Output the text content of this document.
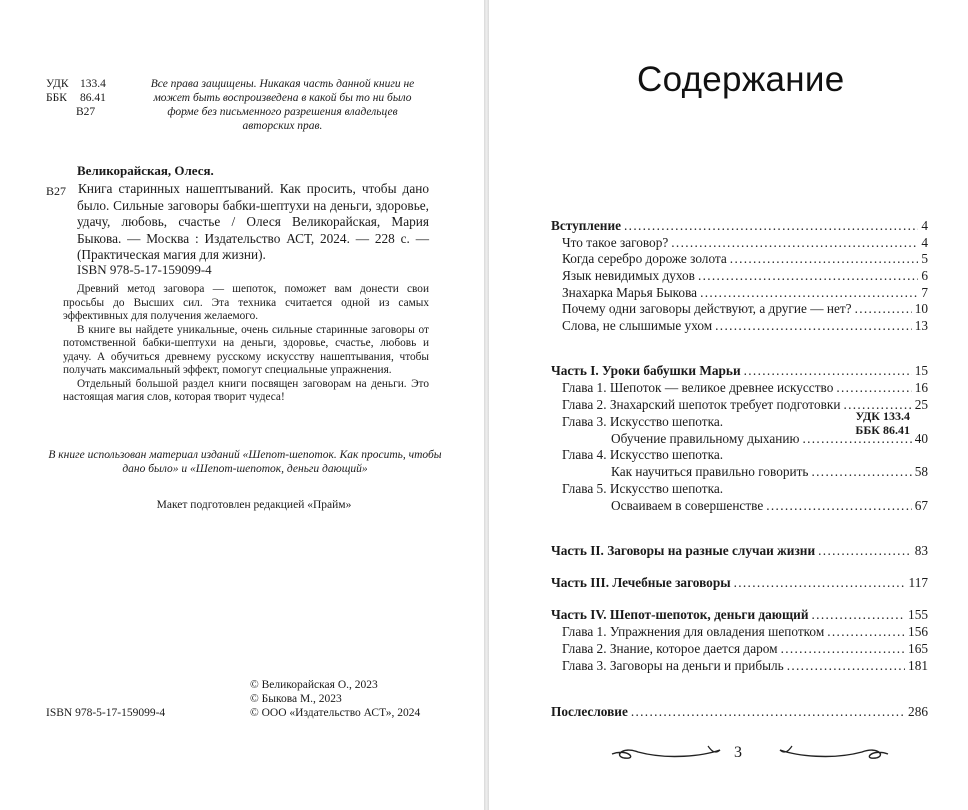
УДК	133.4
ББК	86.41
В27
Все права защищены. Никакая часть данной книги не может быть воспроизведена в какой бы то ни было форме без письменного разрешения владельцев авторских прав.
Великорайская, Олеся.
В27 Книга старинных нашептываний. Как просить, чтобы дано было. Сильные заговоры бабки-шептухи на деньги, здоровье, удачу, любовь, счастье / Олеся Великорайская, Мария Быкова. — Москва : Издательство АСТ, 2024. — 228 с. — (Практическая магия для жизни).
ISBN 978-5-17-159099-4

Древний метод заговора — шепоток, поможет вам донести свои просьбы до Высших сил. Эта техника считается одной из самых эффективных для получения желаемого.

В книге вы найдете уникальные, очень сильные старинные заговоры от потомственной бабки-шептухи на деньги, здоровье, счастье, любовь и удачу. А обучиться древнему русскому искусству нашептывания, чтобы получать максимальный эффект, помогут специальные упражнения.

Отдельный большой раздел книги посвящен заговорам на деньги. Это настоящая магия слов, которая творит чудеса!

УДК 133.4
ББК 86.41
В книге использован материал изданий «Шепот-шепоток. Как просить, чтобы дано было» и «Шепот-шепоток, деньги дающий»
Макет подготовлен редакцией «Прайм»
© Великорайская О., 2023
© Быкова М., 2023
© ООО «Издательство АСТ», 2024
ISBN 978-5-17-159099-4
Содержание
Вступление . . .	4
Что такое заговор? . . .	4
Когда серебро дороже золота . . .	5
Язык невидимых духов . . .	6
Знахарка Марья Быкова . . .	7
Почему одни заговоры действуют, а другие — нет? . . .	10
Слова, не слышимые ухом . . .	13
Часть I. Уроки бабушки Марьи . . .	15
Глава 1. Шепоток — великое древнее искусство . . .	16
Глава 2. Знахарский шепоток требует подготовки . . .	25
Глава 3. Искусство шепотка.
Обучение правильному дыханию . . .	40
Глава 4. Искусство шепотка.
Как научиться правильно говорить . . .	58
Глава 5. Искусство шепотка.
Осваиваем в совершенстве . . .	67
Часть II. Заговоры на разные случаи жизни . . .	83
Часть III. Лечебные заговоры . . .	117
Часть IV. Шепот-шепоток, деньги дающий . . .	155
Глава 1. Упражнения для овладения шепотком . . .	156
Глава 2. Знание, которое дается даром . . .	165
Глава 3. Заговоры на деньги и прибыль . . .	181
Послесловие . . .	286
3
